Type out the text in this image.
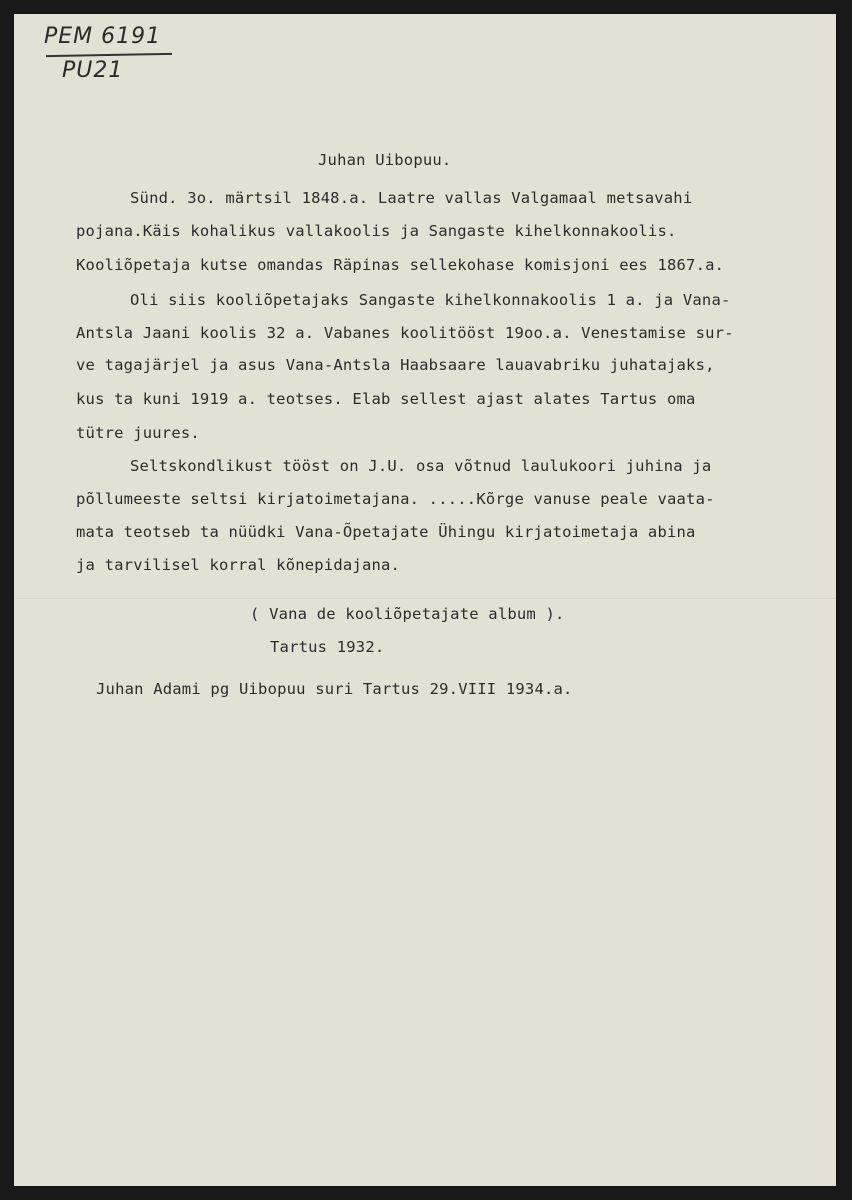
PEM 6191
PU21
Juhan Uibopuu.
Sünd. 3o. märtsil 1848.a. Laatre vallas Valgamaal metsavahi
pojana.Käis kohalikus vallakoolis ja Sangaste kihelkonnakoolis.
Kooliõpetaja kutse omandas Räpinas sellekohase komisjoni ees 1867.a.
Oli siis kooliõpetajaks Sangaste kihelkonnakoolis 1 a. ja Vana-
Antsla Jaani koolis 32 a. Vabanes koolitööst 19oo.a. Venestamise sur-
ve tagajärjel ja asus Vana-Antsla Haabsaare lauavabriku juhatajaks,
kus ta kuni 1919 a. teotses. Elab sellest ajast alates Tartus oma
tütre juures.
Seltskondlikust tööst on J.U. osa võtnud laulukoori juhina ja
põllumeeste seltsi kirjatoimetajana. .....Kõrge vanuse peale vaata-
mata teotseb ta nüüdki Vana-Õpetajate Ühingu kirjatoimetaja abina
ja tarvilisel korral kõnepidajana.
( Vana de kooliõpetajate album ).
Tartus 1932.
Juhan Adami pg Uibopuu suri Tartus 29.VIII 1934.a.
